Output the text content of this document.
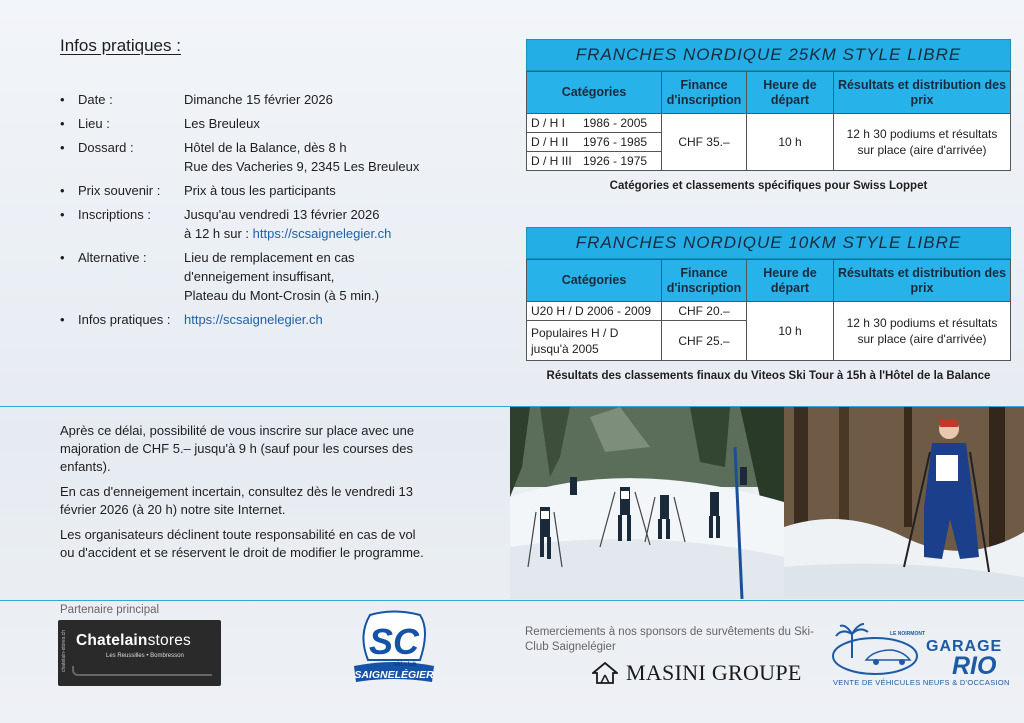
Infos pratiques :
• Date :	Dimanche 15 février 2026
• Lieu :	Les Breuleux
• Dossard :	Hôtel de la Balance, dès 8 h
Rue des Vacheries 9, 2345 Les Breuleux
• Prix souvenir :	Prix à tous les participants
• Inscriptions :	Jusqu'au vendredi 13 février 2026
à 12 h sur : https://scsaignelegier.ch
• Alternative :	Lieu de remplacement en cas
d'enneigement insuffisant,
Plateau du Mont-Crosin (à 5 min.)
• Infos pratiques :	https://scsaignelegier.ch
FRANCHES NORDIQUE 25KM STYLE LIBRE
Catégories	Finance d'inscription	Heure de départ	Résultats et distribution des prix
D / H I 1986 - 2005	CHF 35.–	10 h	12 h 30 podiums et résultats sur place (aire d'arrivée)
D / H II 1976 - 1985			
D / H III 1926 - 1975			
Catégories et classements spécifiques pour Swiss Loppet
FRANCHES NORDIQUE 10KM STYLE LIBRE
Catégories	Finance d'inscription	Heure de départ	Résultats et distribution des prix
U20 H / D 2006 - 2009	CHF 20.–	10 h	12 h 30 podiums et résultats sur place (aire d'arrivée)
Populaires H / D jusqu'à 2005	CHF 25.–		
Résultats des classements finaux du Viteos Ski Tour à 15h à l'Hôtel de la Balance

Après ce délai, possibilité de vous inscrire sur place avec une majoration de CHF 5.– jusqu'à 9 h (sauf pour les courses des enfants).

En cas d'enneigement incertain, consultez dès le vendredi 13 février 2026 (à 20 h) notre site Internet.

Les organisateurs déclinent toute responsabilité en cas de vol ou d'accident et se réservent le droit de modifier le programme.

Partenaire principal
chatelain-stores.ch Chatelainstores
Les Reussilles • Bombresson	SC
ski-club
SAIGNELÉGIER
Remerciements à nos sponsors de survêtements du Ski-Club Saignelégier
MASINI GROUPE
LE NOIRMONT
GARAGE
RIO
VENTE DE VÉHICULES NEUFS & D'OCCASION
